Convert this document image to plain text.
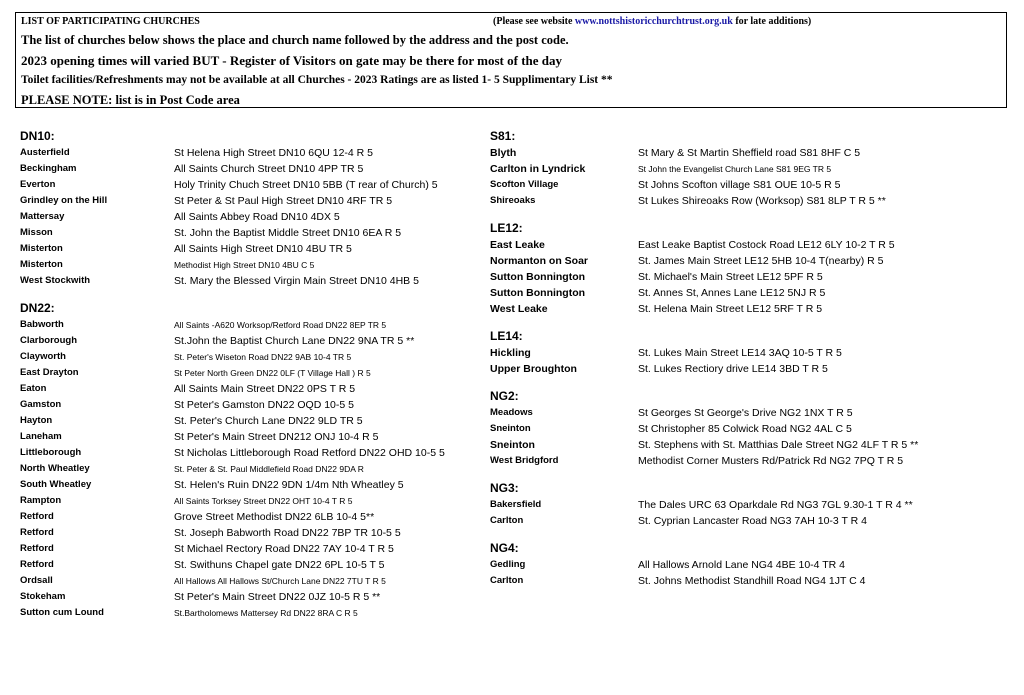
LIST OF PARTICIPATING CHURCHES	(Please see website www.nottshistoricchurchtrust.org.uk for late additions)
The list of churches below shows the place and church name followed by the address and the post code.
2023 opening times will varied BUT - Register of Visitors on gate may be there for most of the day
Toilet facilities/Refreshments may not be available at all Churches - 2023 Ratings are as listed 1- 5 Supplimentary List **
PLEASE NOTE: list is in Post Code area
DN10:
Austerfield	St Helena High Street DN10 6QU 12-4 R 5
Beckingham	All Saints Church Street DN10 4PP TR 5
Everton	Holy Trinity Chuch Street DN10 5BB (T rear of Church) 5
Grindley on the Hill	St Peter & St Paul High Street DN10 4RF TR 5
Mattersay	All Saints Abbey Road DN10 4DX 5
Misson	St. John the Baptist Middle Street DN10 6EA R 5
Misterton	All Saints High Street DN10 4BU TR 5
Misterton	Methodist High Street DN10 4BU C 5
West Stockwith	St. Mary the Blessed Virgin Main Street DN10 4HB 5
DN22:
Babworth	All Saints -A620 Worksop/Retford Road DN22 8EP TR 5
Clarborough	St.John the Baptist Church Lane DN22 9NA TR 5 **
Clayworth	St. Peter's Wiseton Road DN22 9AB 10-4 TR 5
East Drayton	St Peter North Green DN22 0LF (T Village Hall ) R 5
Eaton	All Saints Main Street DN22 0PS T R 5
Gamston	St Peter's Gamston DN22 OQD 10-5 5
Hayton	St. Peter's Church Lane DN22 9LD TR 5
Laneham	St Peter's Main Street DN212 ONJ 10-4 R 5
Littleborough	St Nicholas Littleborough Road Retford DN22 OHD 10-5 5
North Wheatley	St. Peter & St. Paul Middlefield Road DN22 9DA R
South Wheatley	St. Helen's Ruin DN22 9DN 1/4m Nth Wheatley 5
Rampton	All Saints Torksey Street DN22 OHT 10-4 T R 5
Retford	Grove Street Methodist DN22 6LB 10-4 5**
Retford	St. Joseph Babworth Road DN22 7BP TR 10-5 5
Retford	St Michael Rectory Road DN22 7AY 10-4 T R 5
Retford	St. Swithuns Chapel gate DN22 6PL 10-5 T 5
Ordsall	All Hallows All Hallows St/Church Lane DN22 7TU T R 5
Stokeham	St Peter's Main Street DN22 0JZ 10-5 R 5 **
Sutton cum Lound	St.Bartholomews Mattersey Rd DN22 8RA C R 5
S81:
Blyth	St Mary & St Martin Sheffield road S81 8HF C 5
Carlton in Lyndrick	St John the Evangelist Church Lane S81 9EG TR 5
Scofton Village	St Johns Scofton village S81 OUE 10-5 R 5
Shireoaks	St Lukes Shireoaks Row (Worksop) S81 8LP T R 5 **
LE12:
East Leake	East Leake Baptist Costock Road LE12 6LY 10-2 T R 5
Normanton on Soar	St. James Main Street LE12 5HB 10-4 T(nearby) R 5
Sutton Bonnington	St. Michael's Main Street LE12 5PF R 5
Sutton Bonnington	St. Annes St, Annes Lane LE12 5NJ R 5
West Leake	St. Helena Main Street LE12 5RF T R 5
LE14:
Hickling	St. Lukes Main Street LE14 3AQ 10-5 T R 5
Upper Broughton	St. Lukes Rectiory drive LE14 3BD T R 5
NG2:
Meadows	St Georges St George's Drive NG2 1NX T R 5
Sneinton	St Christopher 85 Colwick Road NG2 4AL C 5
Sneinton	St. Stephens with St. Matthias Dale Street NG2 4LF T R 5 **
West Bridgford	Methodist Corner Musters Rd/Patrick Rd NG2 7PQ T R 5
NG3:
Bakersfield	The Dales URC 63 Oparkdale Rd NG3 7GL 9.30-1 T R 4 **
Carlton	St. Cyprian Lancaster Road NG3 7AH 10-3 T R 4
NG4:
Gedling	All Hallows Arnold Lane NG4 4BE 10-4 TR 4
Carlton	St. Johns Methodist Standhill Road NG4 1JT C 4
